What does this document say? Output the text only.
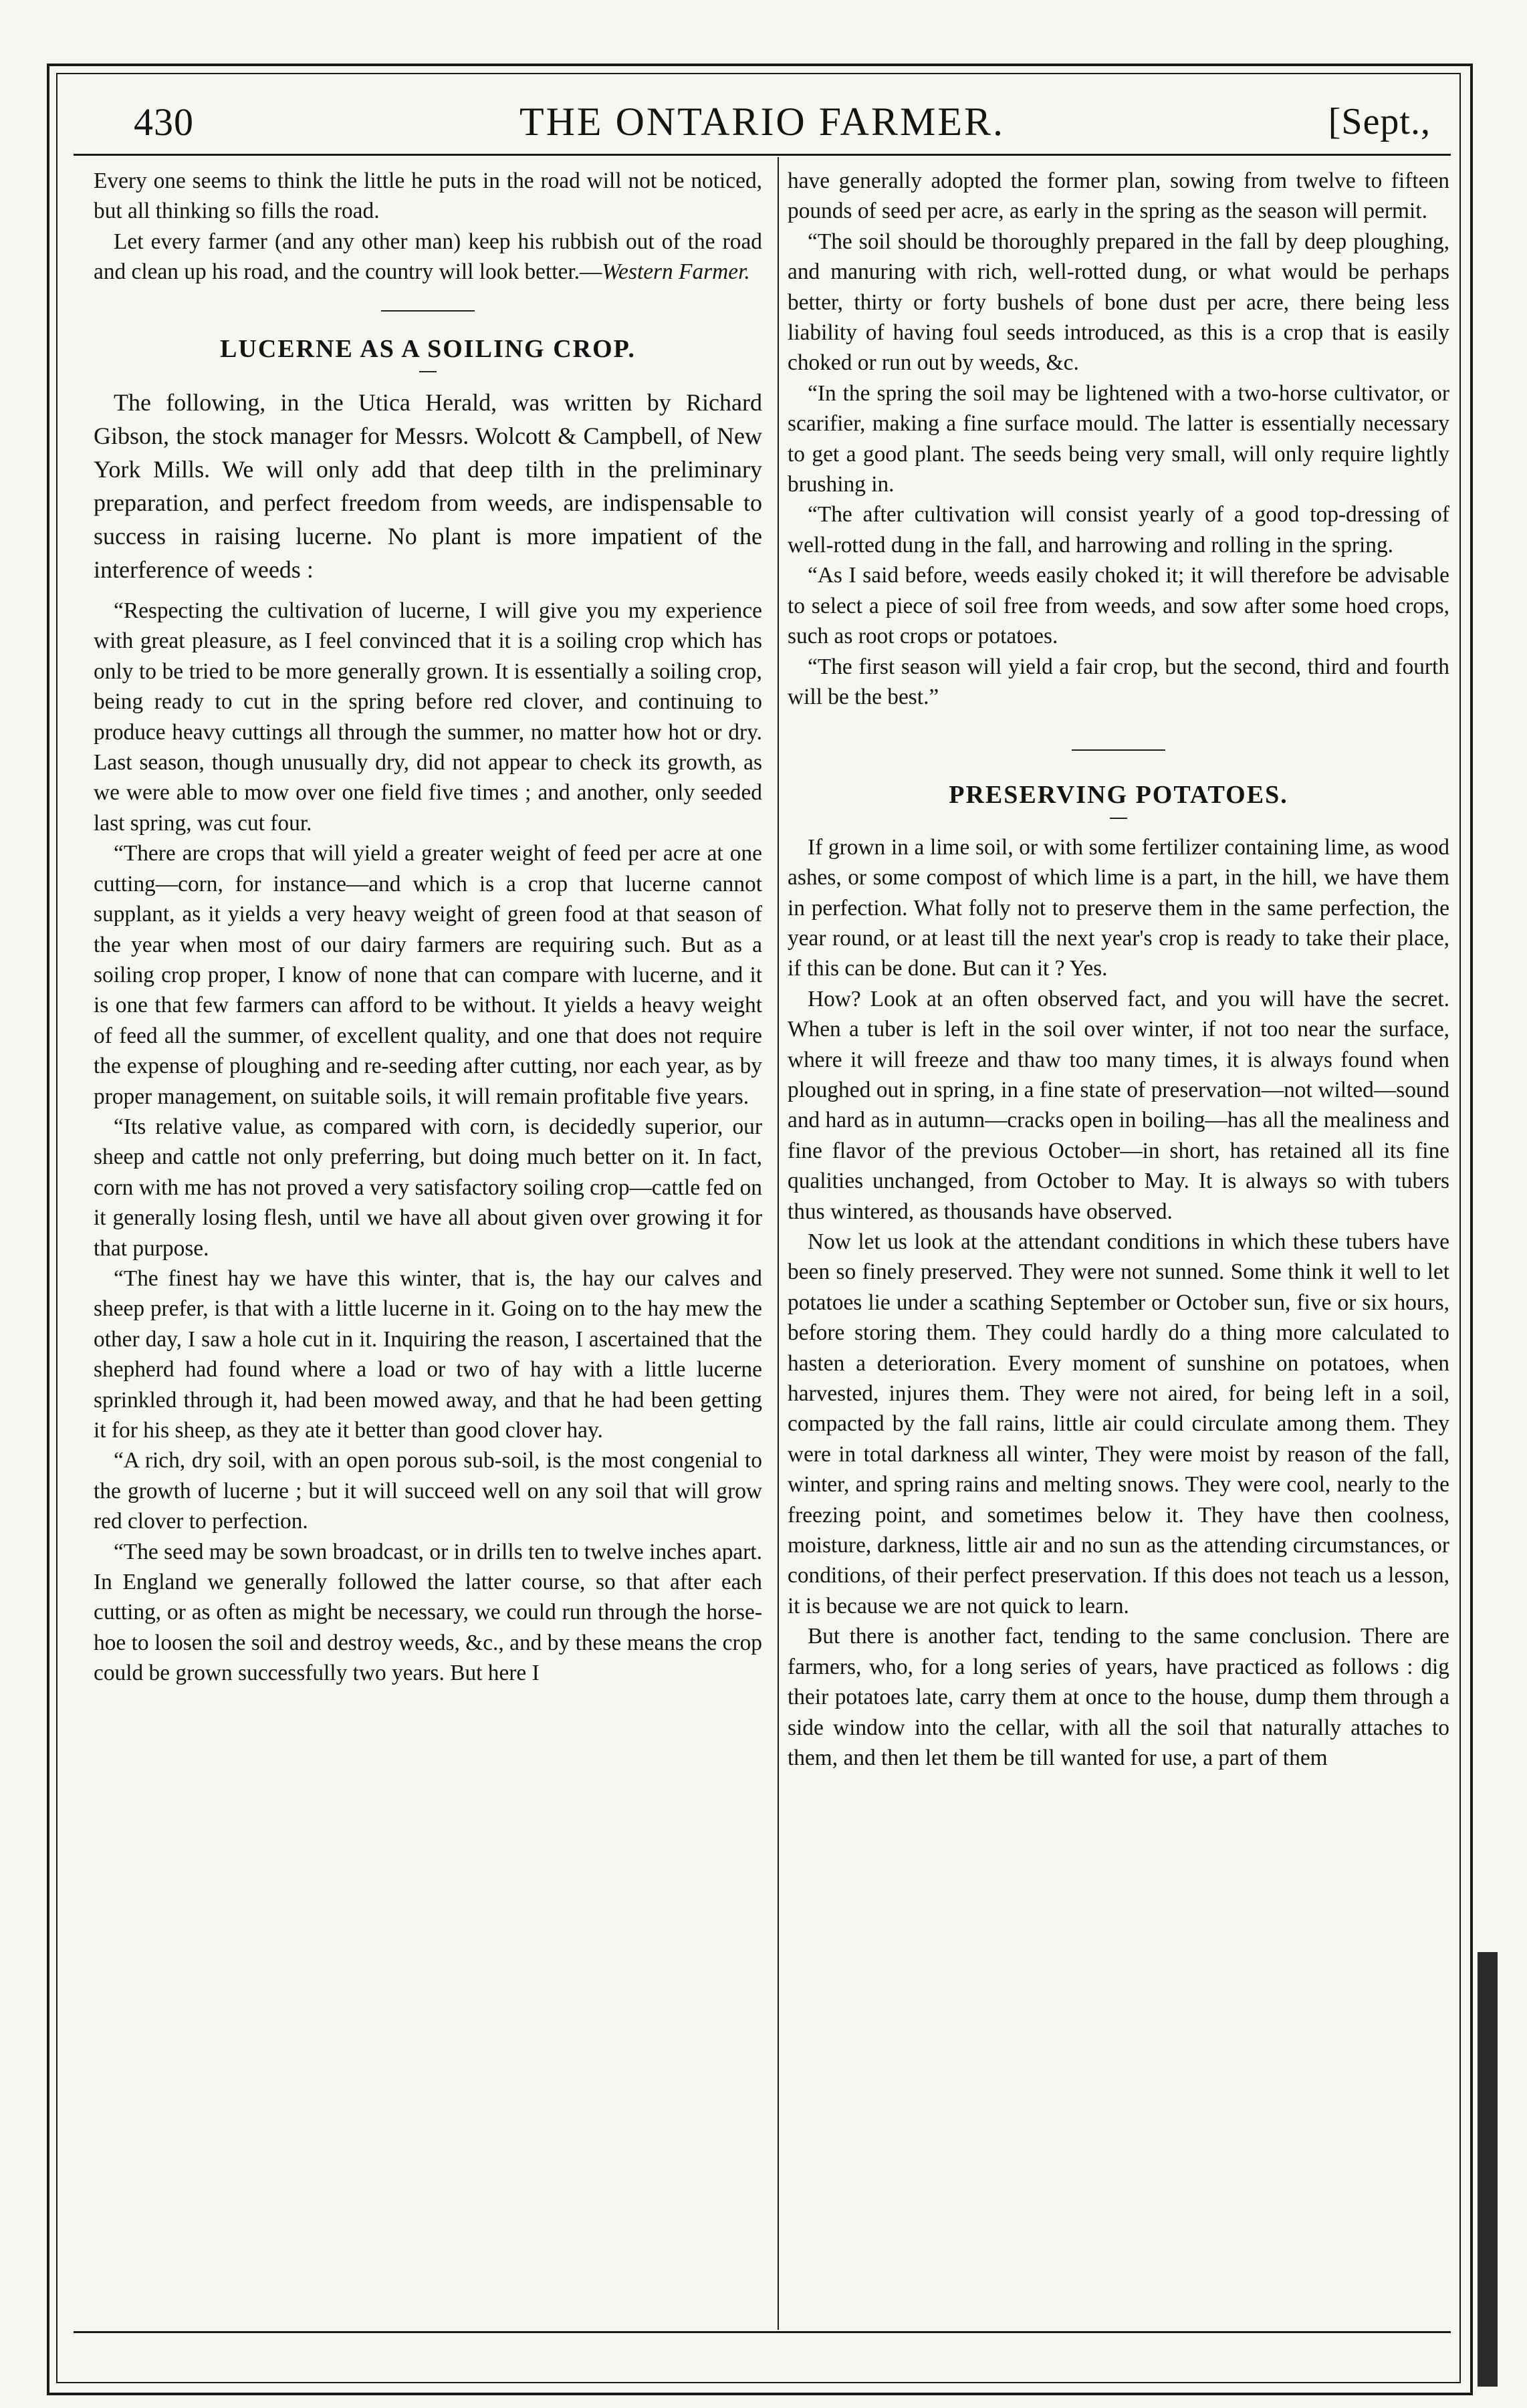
430	THE ONTARIO FARMER.	[Sept.,

Every one seems to think the little he puts in the road will not be noticed, but all thinking so fills the road.

Let every farmer (and any other man) keep his rubbish out of the road and clean up his road, and the country will look better.—Western Farmer.

LUCERNE AS A SOILING CROP.

The following, in the Utica Herald, was written by Richard Gibson, the stock manager for Messrs. Wolcott & Campbell, of New York Mills. We will only add that deep tilth in the preliminary preparation, and perfect freedom from weeds, are indispensable to success in raising lucerne. No plant is more impatient of the interference of weeds :

“Respecting the cultivation of lucerne, I will give you my experience with great pleasure, as I feel convinced that it is a soiling crop which has only to be tried to be more generally grown. It is essentially a soiling crop, being ready to cut in the spring before red clover, and continuing to produce heavy cuttings all through the summer, no matter how hot or dry. Last season, though unusually dry, did not appear to check its growth, as we were able to mow over one field five times ; and another, only seeded last spring, was cut four.

“There are crops that will yield a greater weight of feed per acre at one cutting—corn, for instance—and which is a crop that lucerne cannot supplant, as it yields a very heavy weight of green food at that season of the year when most of our dairy farmers are requiring such. But as a soiling crop proper, I know of none that can compare with lucerne, and it is one that few farmers can afford to be without. It yields a heavy weight of feed all the summer, of excellent quality, and one that does not require the expense of ploughing and re-seeding after cutting, nor each year, as by proper management, on suitable soils, it will remain profitable five years.

“Its relative value, as compared with corn, is decidedly superior, our sheep and cattle not only preferring, but doing much better on it. In fact, corn with me has not proved a very satisfactory soiling crop—cattle fed on it generally losing flesh, until we have all about given over growing it for that purpose.

“The finest hay we have this winter, that is, the hay our calves and sheep prefer, is that with a little lucerne in it. Going on to the hay mew the other day, I saw a hole cut in it. Inquiring the reason, I ascertained that the shepherd had found where a load or two of hay with a little lucerne sprinkled through it, had been mowed away, and that he had been getting it for his sheep, as they ate it better than good clover hay.

“A rich, dry soil, with an open porous sub-soil, is the most congenial to the growth of lucerne ; but it will succeed well on any soil that will grow red clover to perfection.

“The seed may be sown broadcast, or in drills ten to twelve inches apart. In England we generally followed the latter course, so that after each cutting, or as often as might be necessary, we could run through the horse-hoe to loosen the soil and destroy weeds, &c., and by these means the crop could be grown successfully two years. But here I

have generally adopted the former plan, sowing from twelve to fifteen pounds of seed per acre, as early in the spring as the season will permit.

“The soil should be thoroughly prepared in the fall by deep ploughing, and manuring with rich, well-rotted dung, or what would be perhaps better, thirty or forty bushels of bone dust per acre, there being less liability of having foul seeds introduced, as this is a crop that is easily choked or run out by weeds, &c.

“In the spring the soil may be lightened with a two-horse cultivator, or scarifier, making a fine surface mould. The latter is essentially necessary to get a good plant. The seeds being very small, will only require lightly brushing in.

“The after cultivation will consist yearly of a good top-dressing of well-rotted dung in the fall, and harrowing and rolling in the spring.

“As I said before, weeds easily choked it; it will therefore be advisable to select a piece of soil free from weeds, and sow after some hoed crops, such as root crops or potatoes.

“The first season will yield a fair crop, but the second, third and fourth will be the best.”

PRESERVING POTATOES.

If grown in a lime soil, or with some fertilizer containing lime, as wood ashes, or some compost of which lime is a part, in the hill, we have them in perfection. What folly not to preserve them in the same perfection, the year round, or at least till the next year's crop is ready to take their place, if this can be done. But can it ? Yes.

How? Look at an often observed fact, and you will have the secret. When a tuber is left in the soil over winter, if not too near the surface, where it will freeze and thaw too many times, it is always found when ploughed out in spring, in a fine state of preservation—not wilted—sound and hard as in autumn—cracks open in boiling—has all the mealiness and fine flavor of the previous October—in short, has retained all its fine qualities unchanged, from October to May. It is always so with tubers thus wintered, as thousands have observed.

Now let us look at the attendant conditions in which these tubers have been so finely preserved. They were not sunned. Some think it well to let potatoes lie under a scathing September or October sun, five or six hours, before storing them. They could hardly do a thing more calculated to hasten a deterioration. Every moment of sunshine on potatoes, when harvested, injures them. They were not aired, for being left in a soil, compacted by the fall rains, little air could circulate among them. They were in total darkness all winter, They were moist by reason of the fall, winter, and spring rains and melting snows. They were cool, nearly to the freezing point, and sometimes below it. They have then coolness, moisture, darkness, little air and no sun as the attending circumstances, or conditions, of their perfect preservation. If this does not teach us a lesson, it is because we are not quick to learn.

But there is another fact, tending to the same conclusion. There are farmers, who, for a long series of years, have practiced as follows : dig their potatoes late, carry them at once to the house, dump them through a side window into the cellar, with all the soil that naturally attaches to them, and then let them be till wanted for use, a part of them
